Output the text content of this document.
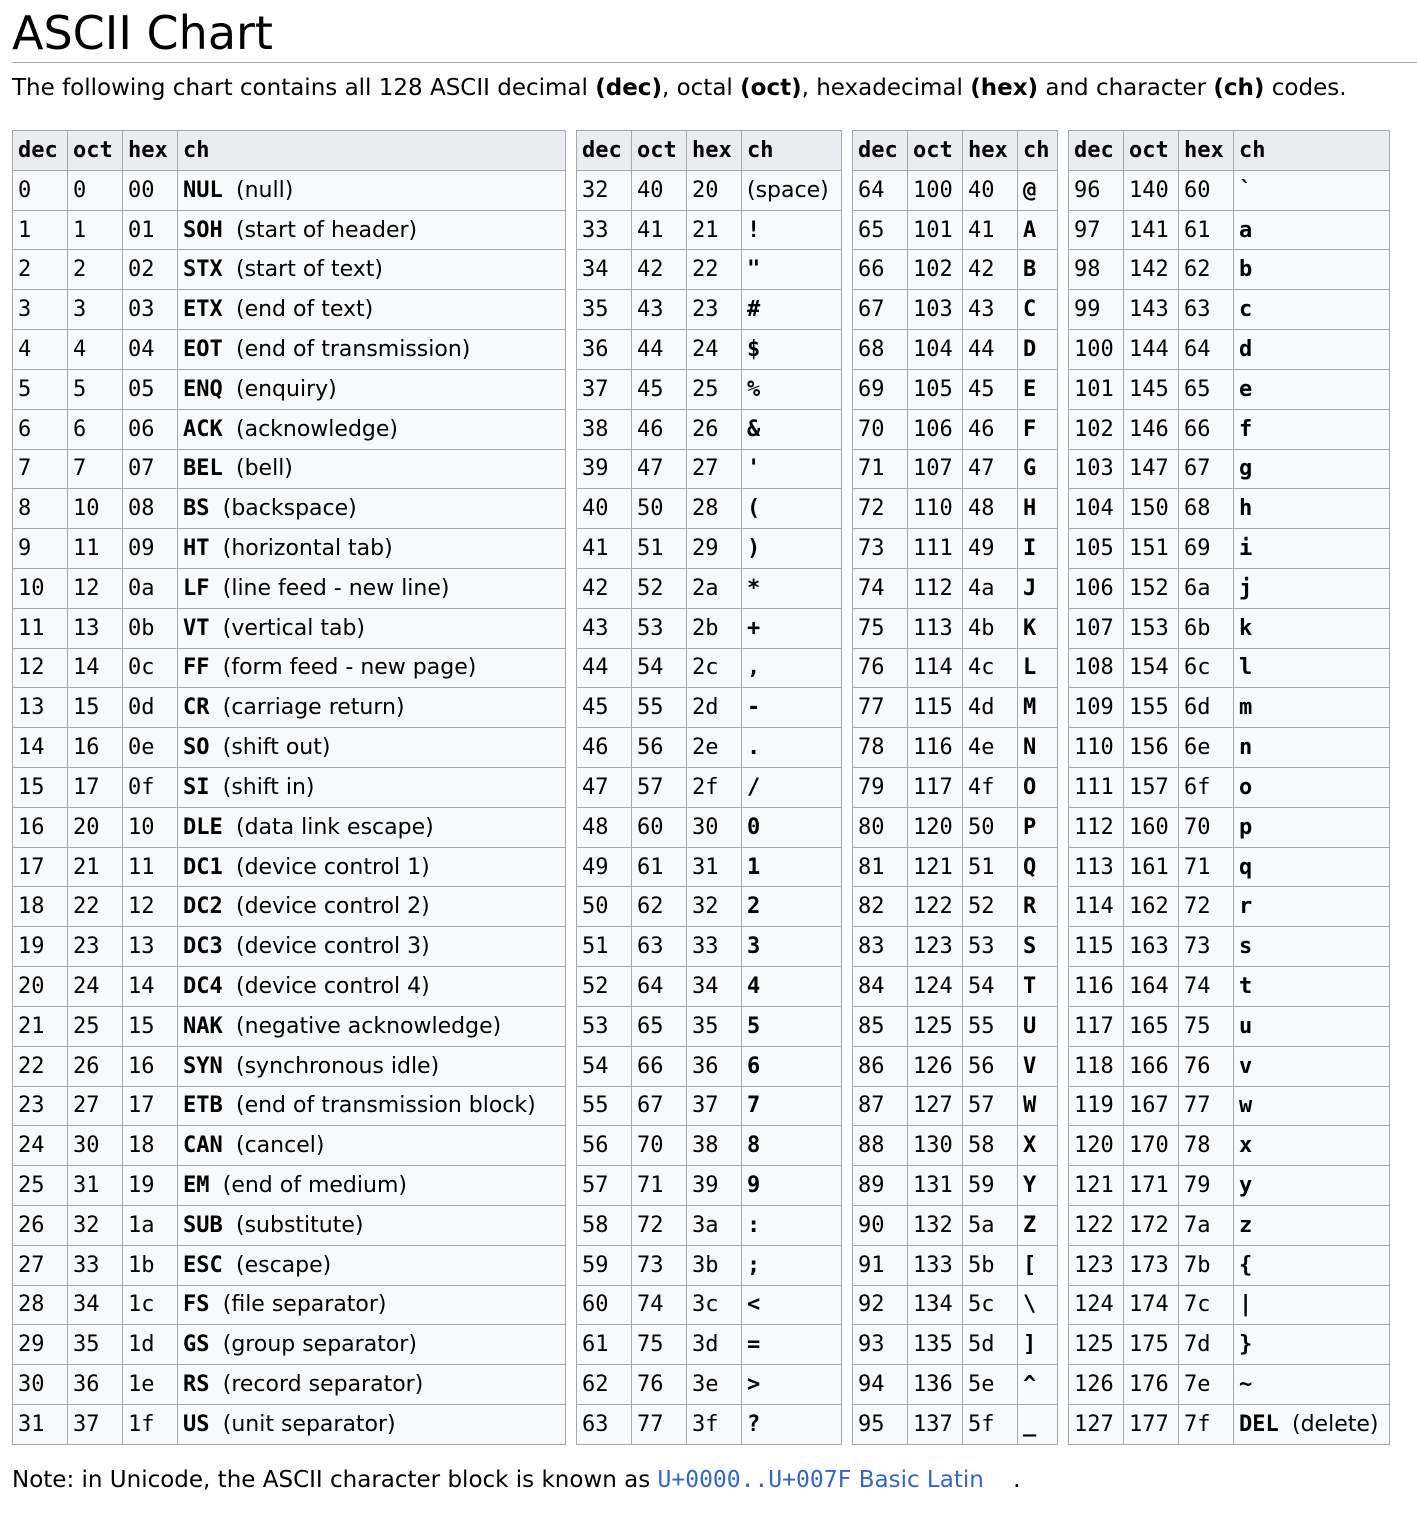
ASCII Chart

The following chart contains all 128 ASCII decimal (dec), octal (oct), hexadecimal (hex) and character (ch) codes.

dec	oct	hex	ch
0	0	00	NUL (null)
1	1	01	SOH (start of header)
2	2	02	STX (start of text)
3	3	03	ETX (end of text)
4	4	04	EOT (end of transmission)
5	5	05	ENQ (enquiry)
6	6	06	ACK (acknowledge)
7	7	07	BEL (bell)
8	10	08	BS (backspace)
9	11	09	HT (horizontal tab)
10	12	0a	LF (line feed - new line)
11	13	0b	VT (vertical tab)
12	14	0c	FF (form feed - new page)
13	15	0d	CR (carriage return)
14	16	0e	SO (shift out)
15	17	0f	SI (shift in)
16	20	10	DLE (data link escape)
17	21	11	DC1 (device control 1)
18	22	12	DC2 (device control 2)
19	23	13	DC3 (device control 3)
20	24	14	DC4 (device control 4)
21	25	15	NAK (negative acknowledge)
22	26	16	SYN (synchronous idle)
23	27	17	ETB (end of transmission block)
24	30	18	CAN (cancel)
25	31	19	EM (end of medium)
26	32	1a	SUB (substitute)
27	33	1b	ESC (escape)
28	34	1c	FS (file separator)
29	35	1d	GS (group separator)
30	36	1e	RS (record separator)
31	37	1f	US (unit separator)
dec	oct	hex	ch
32	40	20	(space)
33	41	21	!
34	42	22	"
35	43	23	#
36	44	24	$
37	45	25	%
38	46	26	&
39	47	27	'
40	50	28	(
41	51	29	)
42	52	2a	*
43	53	2b	+
44	54	2c	,
45	55	2d	-
46	56	2e	.
47	57	2f	/
48	60	30	0
49	61	31	1
50	62	32	2
51	63	33	3
52	64	34	4
53	65	35	5
54	66	36	6
55	67	37	7
56	70	38	8
57	71	39	9
58	72	3a	:
59	73	3b	;
60	74	3c	<
61	75	3d	=
62	76	3e	>
63	77	3f	?
dec	oct	hex	ch
64	100	40	@
65	101	41	A
66	102	42	B
67	103	43	C
68	104	44	D
69	105	45	E
70	106	46	F
71	107	47	G
72	110	48	H
73	111	49	I
74	112	4a	J
75	113	4b	K
76	114	4c	L
77	115	4d	M
78	116	4e	N
79	117	4f	O
80	120	50	P
81	121	51	Q
82	122	52	R
83	123	53	S
84	124	54	T
85	125	55	U
86	126	56	V
87	127	57	W
88	130	58	X
89	131	59	Y
90	132	5a	Z
91	133	5b	[
92	134	5c	\
93	135	5d	]
94	136	5e	^
95	137	5f	_
dec	oct	hex	ch
96	140	60	`
97	141	61	a
98	142	62	b
99	143	63	c
100	144	64	d
101	145	65	e
102	146	66	f
103	147	67	g
104	150	68	h
105	151	69	i
106	152	6a	j
107	153	6b	k
108	154	6c	l
109	155	6d	m
110	156	6e	n
111	157	6f	o
112	160	70	p
113	161	71	q
114	162	72	r
115	163	73	s
116	164	74	t
117	165	75	u
118	166	76	v
119	167	77	w
120	170	78	x
121	171	79	y
122	172	7a	z
123	173	7b	{
124	174	7c	|
125	175	7d	}
126	176	7e	~
127	177	7f	DEL (delete)
Note: in Unicode, the ASCII character block is known as U+0000..U+007F Basic Latin    .
